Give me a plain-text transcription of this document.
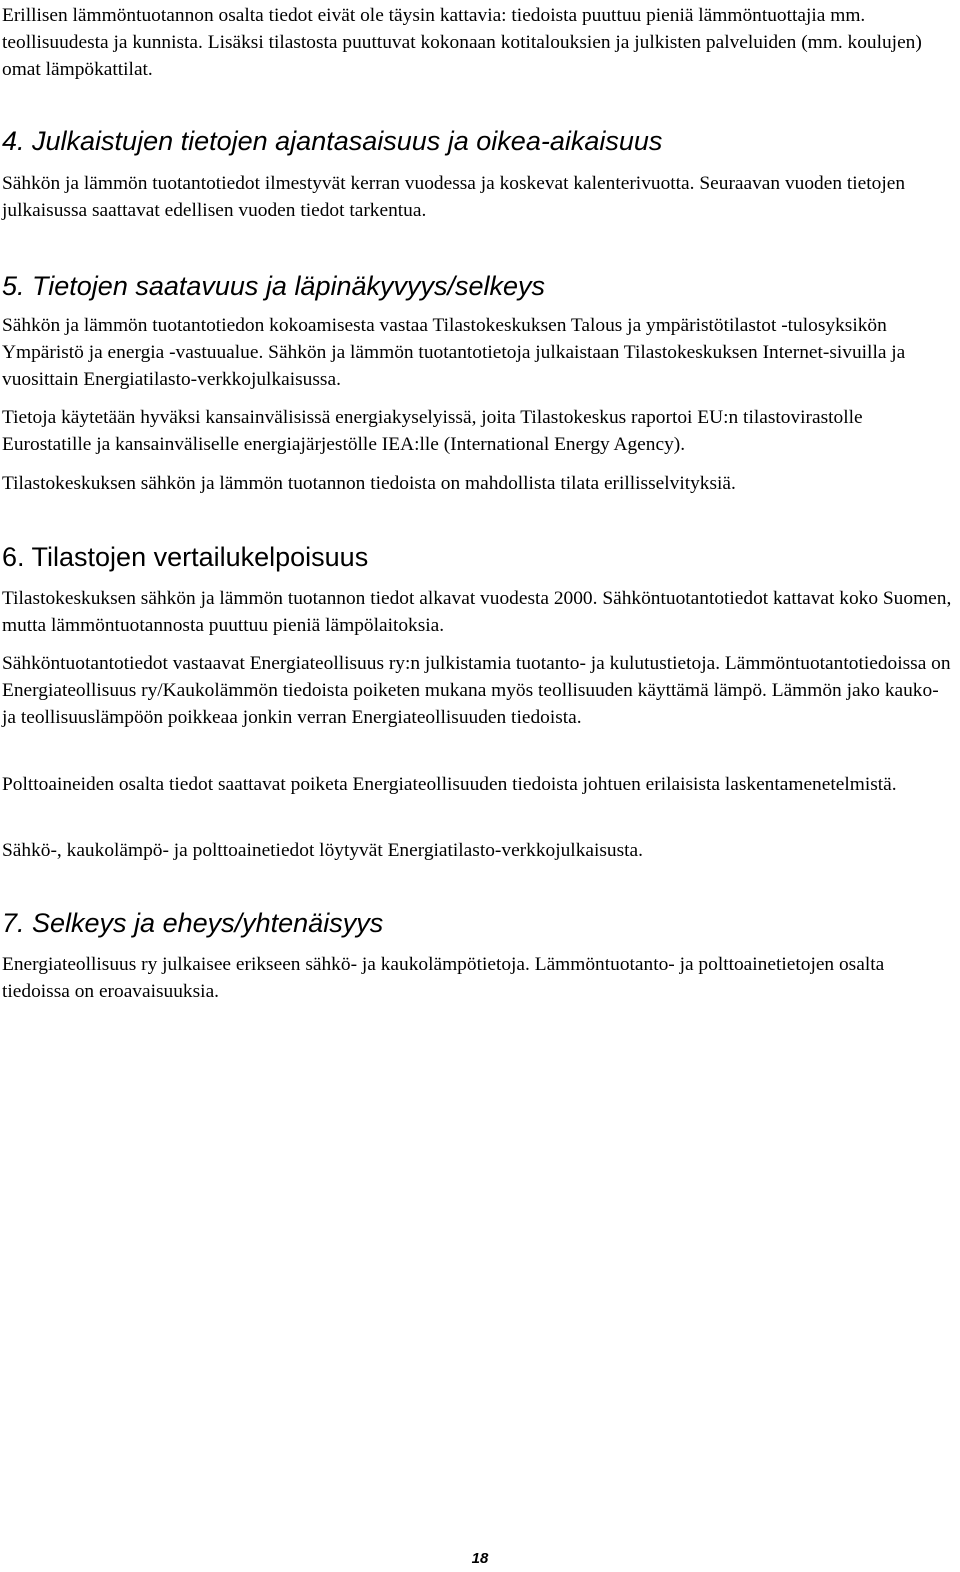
Erillisen lämmöntuotannon osalta tiedot eivät ole täysin kattavia: tiedoista puuttuu pieniä lämmöntuottajia mm. teollisuudesta ja kunnista. Lisäksi tilastosta puuttuvat kokonaan kotitalouksien ja julkisten palveluiden (mm. koulujen) omat lämpökattilat.

4. Julkaistujen tietojen ajantasaisuus ja oikea-aikaisuus

Sähkön ja lämmön tuotantotiedot ilmestyvät kerran vuodessa ja koskevat kalenterivuotta. Seuraavan vuoden tietojen julkaisussa saattavat edellisen vuoden tiedot tarkentua.

5. Tietojen saatavuus ja läpinäkyvyys/selkeys

Sähkön ja lämmön tuotantotiedon kokoamisesta vastaa Tilastokeskuksen Talous ja ympäristötilastot -tulosyksikön Ympäristö ja energia -vastuualue. Sähkön ja lämmön tuotantotietoja julkaistaan Tilastokeskuksen Internet-sivuilla ja vuosittain Energiatilasto-verkkojulkaisussa.

Tietoja käytetään hyväksi kansainvälisissä energiakyselyissä, joita Tilastokeskus raportoi EU:n tilastovirastolle Eurostatille ja kansainväliselle energiajärjestölle IEA:lle (International Energy Agency).

Tilastokeskuksen sähkön ja lämmön tuotannon tiedoista on mahdollista tilata erillisselvityksiä.

6. Tilastojen vertailukelpoisuus

Tilastokeskuksen sähkön ja lämmön tuotannon tiedot alkavat vuodesta 2000. Sähköntuotantotiedot kattavat koko Suomen, mutta lämmöntuotannosta puuttuu pieniä lämpölaitoksia.

Sähköntuotantotiedot vastaavat Energiateollisuus ry:n julkistamia tuotanto- ja kulutustietoja. Lämmöntuotantotiedoissa on Energiateollisuus ry/Kaukolämmön tiedoista poiketen mukana myös teollisuuden käyttämä lämpö. Lämmön jako kauko- ja teollisuuslämpöön poikkeaa jonkin verran Energiateollisuuden tiedoista.

Polttoaineiden osalta tiedot saattavat poiketa Energiateollisuuden tiedoista johtuen erilaisista laskentamenetelmistä.

Sähkö-, kaukolämpö- ja polttoainetiedot löytyvät Energiatilasto-verkkojulkaisusta.

7. Selkeys ja eheys/yhtenäisyys

Energiateollisuus ry julkaisee erikseen sähkö- ja kaukolämpötietoja. Lämmöntuotanto- ja polttoainetietojen osalta tiedoissa on eroavaisuuksia.

18
